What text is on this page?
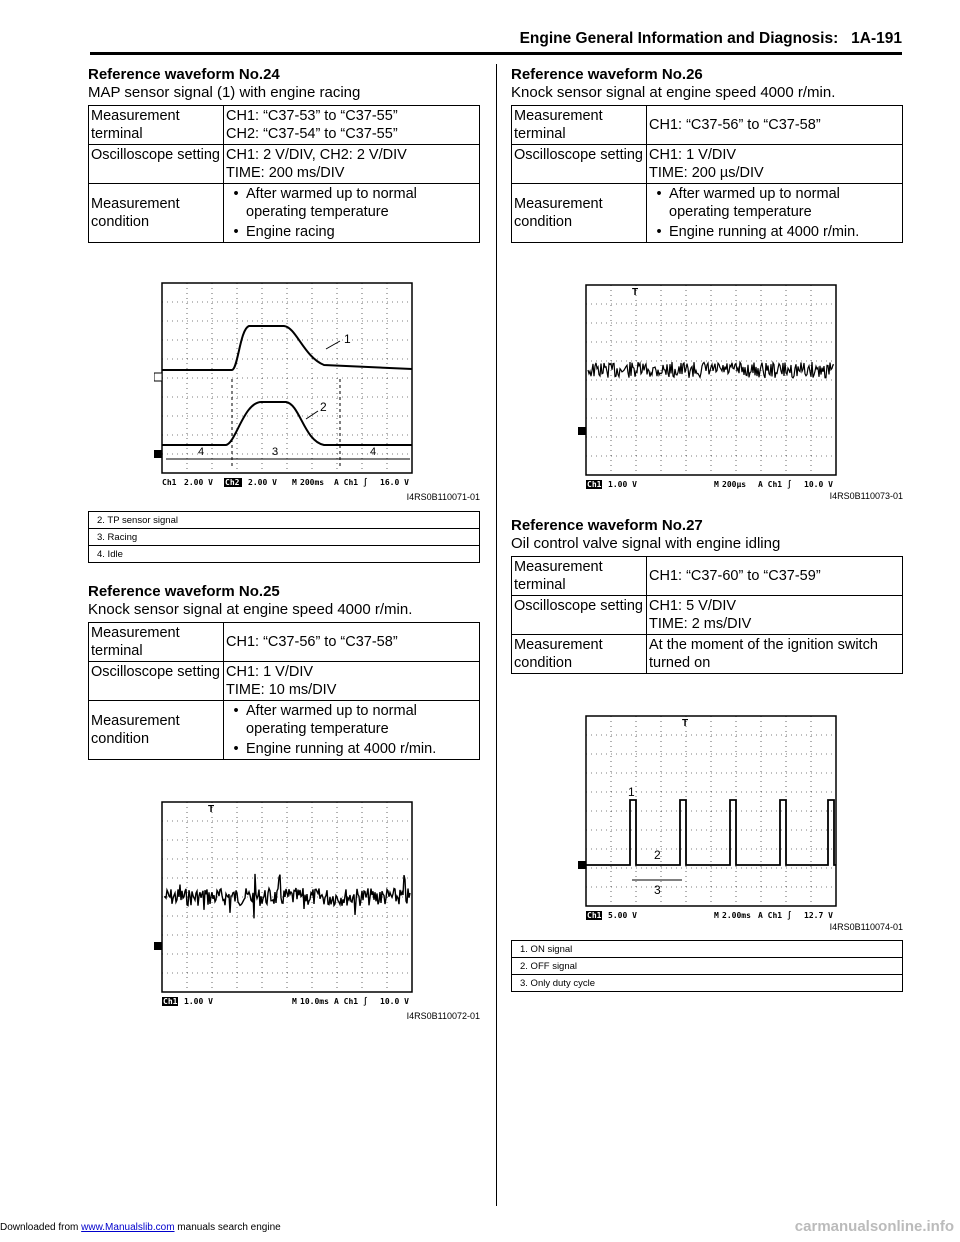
Engine General Information and Diagnosis: 1A-191
Reference waveform No.24
MAP sensor signal (1) with engine racing
Measurement terminal	CH1: “C37-53” to “C37-55”
CH2: “C37-54” to “C37-55”

Oscilloscope setting	CH1: 2 V/DIV, CH2: 2 V/DIV
TIME: 200 ms/DIV

Measurement condition	• After warmed up to normal operating temperature
• Engine racing
4	3	4
1
2
Ch1 2.00 V Ch2 2.00 V M 200ms A Ch1 ∫ 16.0 V
I4RS0B110071-01
2. TP sensor signal
3. Racing
4. Idle
Reference waveform No.25
Knock sensor signal at engine speed 4000 r/min.
Measurement terminal	CH1: “C37-56” to “C37-58”
Oscilloscope setting	CH1: 1 V/DIV
TIME: 10 ms/DIV

Measurement condition	• After warmed up to normal operating temperature
• Engine running at 4000 r/min.
T
Ch1 1.00 V	M 10.0ms A Ch1 ∫ 10.0 V
I4RS0B110072-01
Reference waveform No.26
Knock sensor signal at engine speed 4000 r/min.
Measurement terminal	CH1: “C37-56” to “C37-58”
Oscilloscope setting	CH1: 1 V/DIV
TIME: 200 µs/DIV

Measurement condition	• After warmed up to normal operating temperature
• Engine running at 4000 r/min.
T
Ch1 1.00 V	M 200µs A Ch1 ∫ 10.0 V
I4RS0B110073-01
Reference waveform No.27
Oil control valve signal with engine idling
Measurement terminal	CH1: “C37-60” to “C37-59”
Oscilloscope setting	CH1: 5 V/DIV
TIME: 2 ms/DIV

Measurement condition	At the moment of the ignition switch turned on
T
1
2
3
Ch1 5.00 V	M 2.00ms A Ch1 ∫ 12.7 V
I4RS0B110074-01
1. ON signal
2. OFF signal
3. Only duty cycle
Downloaded from www.Manualslib.com manuals search engine	carmanualsonline.info
